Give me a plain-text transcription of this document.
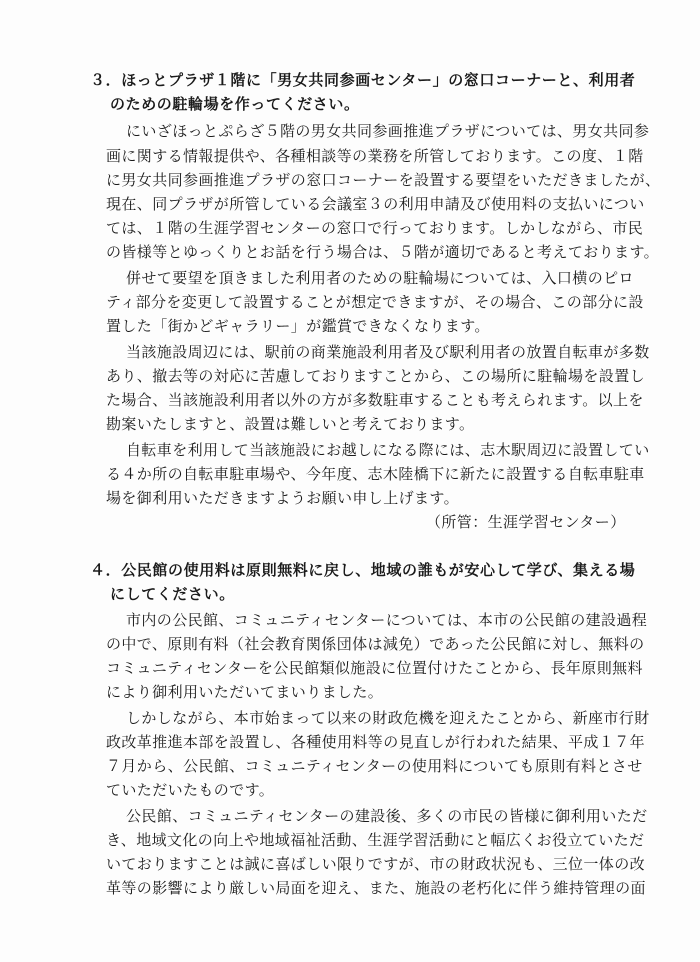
３．ほっとプラザ１階に「男女共同参画センター」の窓口コーナーと、利用者
のための駐輪場を作ってください。
にいざほっとぷらざ５階の男女共同参画推進プラザについては、男女共同参
画に関する情報提供や、各種相談等の業務を所管しております。この度、１階
に男女共同参画推進プラザの窓口コーナーを設置する要望をいただきましたが、
現在、同プラザが所管している会議室３の利用申請及び使用料の支払いについ
ては、１階の生涯学習センターの窓口で行っております。しかしながら、市民
の皆様等とゆっくりとお話を行う場合は、５階が適切であると考えております。
併せて要望を頂きました利用者のための駐輪場については、入口横のピロ
ティ部分を変更して設置することが想定できますが、その場合、この部分に設
置した「街かどギャラリー」が鑑賞できなくなります。
当該施設周辺には、駅前の商業施設利用者及び駅利用者の放置自転車が多数
あり、撤去等の対応に苦慮しておりますことから、この場所に駐輪場を設置し
た場合、当該施設利用者以外の方が多数駐車することも考えられます。以上を
勘案いたしますと、設置は難しいと考えております。
自転車を利用して当該施設にお越しになる際には、志木駅周辺に設置してい
る４か所の自転車駐車場や、今年度、志木陸橋下に新たに設置する自転車駐車
場を御利用いただきますようお願い申し上げます。
（所管：生涯学習センター）
４．公民館の使用料は原則無料に戻し、地域の誰もが安心して学び、集える場
にしてください。
市内の公民館、コミュニティセンターについては、本市の公民館の建設過程
の中で、原則有料（社会教育関係団体は減免）であった公民館に対し、無料の
コミュニティセンターを公民館類似施設に位置付けたことから、長年原則無料
により御利用いただいてまいりました。
しかしながら、本市始まって以来の財政危機を迎えたことから、新座市行財
政改革推進本部を設置し、各種使用料等の見直しが行われた結果、平成１７年
７月から、公民館、コミュニティセンターの使用料についても原則有料とさせ
ていただいたものです。
公民館、コミュニティセンターの建設後、多くの市民の皆様に御利用いただ
き、地域文化の向上や地域福祉活動、生涯学習活動にと幅広くお役立ていただ
いておりますことは誠に喜ばしい限りですが、市の財政状況も、三位一体の改
革等の影響により厳しい局面を迎え、また、施設の老朽化に伴う維持管理の面
